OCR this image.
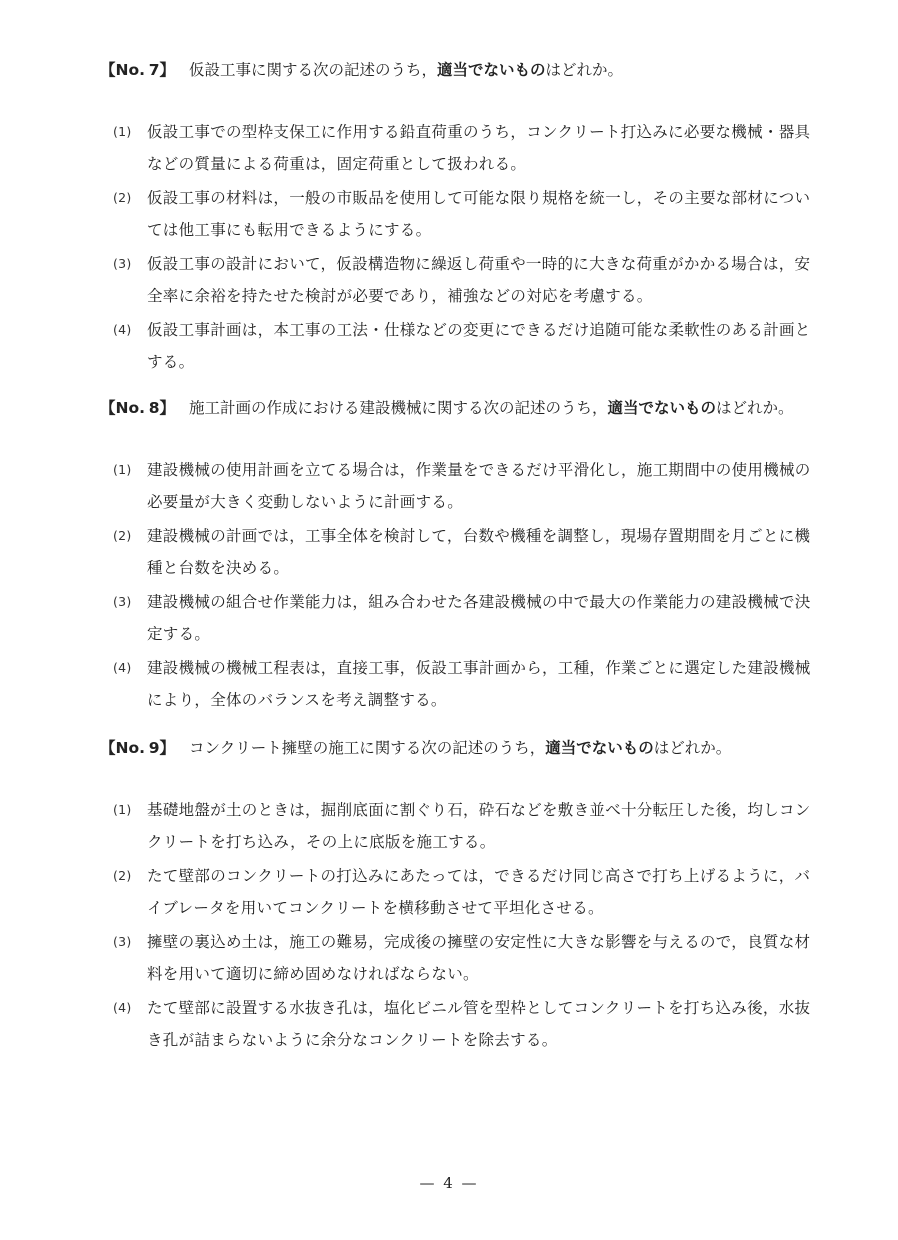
【No. 7】 仮設工事に関する次の記述のうち，適当でないものはどれか。
(1) 仮設工事での型枠支保工に作用する鉛直荷重のうち，コンクリート打込みに必要な機械・器具などの質量による荷重は，固定荷重として扱われる。
(2) 仮設工事の材料は，一般の市販品を使用して可能な限り規格を統一し，その主要な部材については他工事にも転用できるようにする。
(3) 仮設工事の設計において，仮設構造物に繰返し荷重や一時的に大きな荷重がかかる場合は，安全率に余裕を持たせた検討が必要であり，補強などの対応を考慮する。
(4) 仮設工事計画は，本工事の工法・仕様などの変更にできるだけ追随可能な柔軟性のある計画とする。
【No. 8】 施工計画の作成における建設機械に関する次の記述のうち，適当でないものはどれか。
(1) 建設機械の使用計画を立てる場合は，作業量をできるだけ平滑化し，施工期間中の使用機械の必要量が大きく変動しないように計画する。
(2) 建設機械の計画では，工事全体を検討して，台数や機種を調整し，現場存置期間を月ごとに機種と台数を決める。
(3) 建設機械の組合せ作業能力は，組み合わせた各建設機械の中で最大の作業能力の建設機械で決定する。
(4) 建設機械の機械工程表は，直接工事，仮設工事計画から，工種，作業ごとに選定した建設機械により，全体のバランスを考え調整する。
【No. 9】 コンクリート擁壁の施工に関する次の記述のうち，適当でないものはどれか。
(1) 基礎地盤が土のときは，掘削底面に割ぐり石，砕石などを敷き並べ十分転圧した後，均しコンクリートを打ち込み，その上に底版を施工する。
(2) たて壁部のコンクリートの打込みにあたっては，できるだけ同じ高さで打ち上げるように，バイブレータを用いてコンクリートを横移動させて平坦化させる。
(3) 擁壁の裏込め土は，施工の難易，完成後の擁壁の安定性に大きな影響を与えるので，良質な材料を用いて適切に締め固めなければならない。
(4) たて壁部に設置する水抜き孔は，塩化ビニル管を型枠としてコンクリートを打ち込み後，水抜き孔が詰まらないように余分なコンクリートを除去する。
— 4 —
